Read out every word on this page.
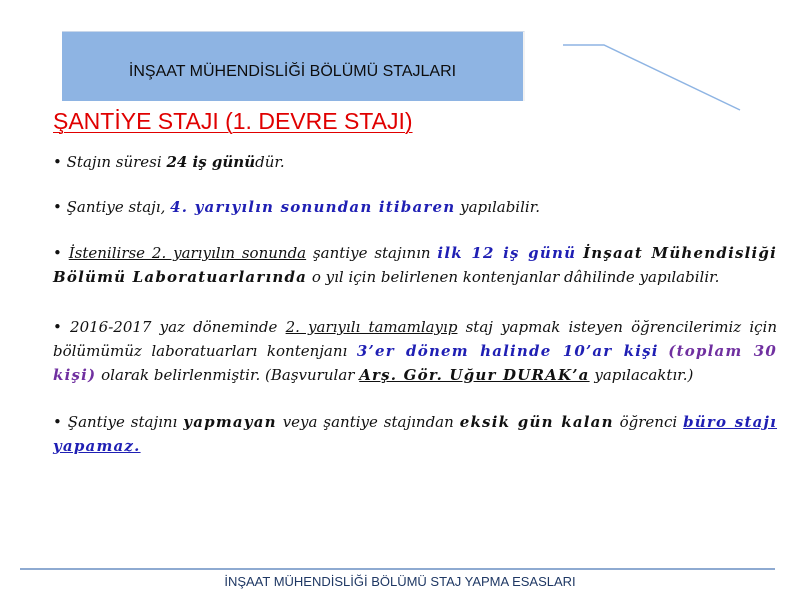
İNŞAAT MÜHENDİSLİĞİ BÖLÜMÜ STAJLARI
ŞANTİYE STAJI (1. DEVRE STAJI)

• Stajın süresi 24 iş günüdür.

• Şantiye stajı, 4. yarıyılın sonundan itibaren yapılabilir.

• İstenilirse 2. yarıyılın sonunda şantiye stajının ilk 12 iş günü İnşaat Mühendisliği Bölümü Laboratuarlarında o yıl için belirlenen kontenjanlar dâhilinde yapılabilir.

• 2016-2017 yaz döneminde 2. yarıyılı tamamlayıp staj yapmak isteyen öğrencilerimiz için bölümümüz laboratuarları kontenjanı 3’er dönem halinde 10’ar kişi (toplam 30 kişi) olarak belirlenmiştir. (Başvurular Arş. Gör. Uğur DURAK’a yapılacaktır.)

• Şantiye stajını yapmayan veya şantiye stajından eksik gün kalan öğrenci büro stajı yapamaz.

İNŞAAT MÜHENDİSLİĞİ BÖLÜMÜ STAJ YAPMA ESASLARI
